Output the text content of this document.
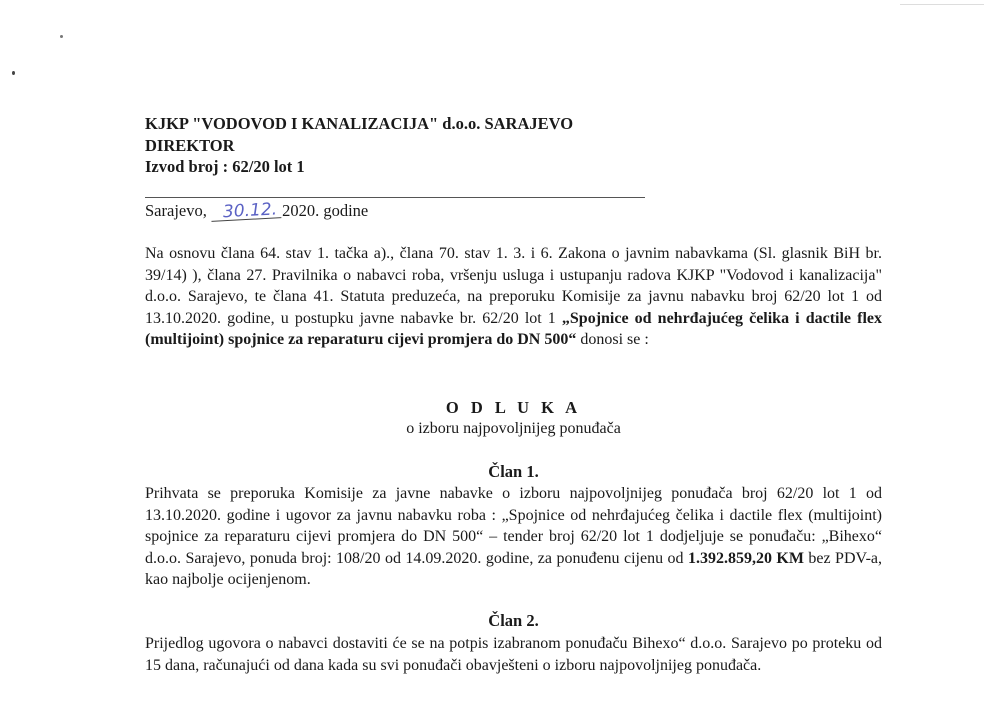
KJKP "VODOVOD I KANALIZACIJA" d.o.o. SARAJEVO
DIREKTOR
Izvod broj : 62/20 lot 1
Sarajevo, 30.12. 2020. godine
Na osnovu člana 64. stav 1. tačka a)., člana 70. stav 1. 3. i 6. Zakona o javnim nabavkama (Sl. glasnik BiH br. 39/14) ), člana 27. Pravilnika o nabavci roba, vršenju usluga i ustupanju radova KJKP "Vodovod i kanalizacija" d.o.o. Sarajevo, te člana 41. Statuta preduzeća, na preporuku Komisije za javnu nabavku broj 62/20 lot 1 od 13.10.2020. godine, u postupku javne nabavke br. 62/20 lot 1 „Spojnice od nehrđajućeg čelika i dactile flex (multijoint) spojnice za reparaturu cijevi promjera do DN 500“ donosi se :
O D L U K A
o izboru najpovoljnijeg ponuđača
Član 1.
Prihvata se preporuka Komisije za javne nabavke o izboru najpovoljnijeg ponuđača broj 62/20 lot 1 od 13.10.2020. godine i ugovor za javnu nabavku roba : „Spojnice od nehrđajućeg čelika i dactile flex (multijoint) spojnice za reparaturu cijevi promjera do DN 500“ – tender broj 62/20 lot 1 dodjeljuje se ponuđaču: „Bihexo“ d.o.o. Sarajevo, ponuda broj: 108/20 od 14.09.2020. godine, za ponuđenu cijenu od 1.392.859,20 KM bez PDV-a, kao najbolje ocijenjenom.
Član 2.
Prijedlog ugovora o nabavci dostaviti će se na potpis izabranom ponuđaču Bihexo“ d.o.o. Sarajevo po proteku od 15 dana, računajući od dana kada su svi ponuđači obavješteni o izboru najpovoljnijeg ponuđača.
